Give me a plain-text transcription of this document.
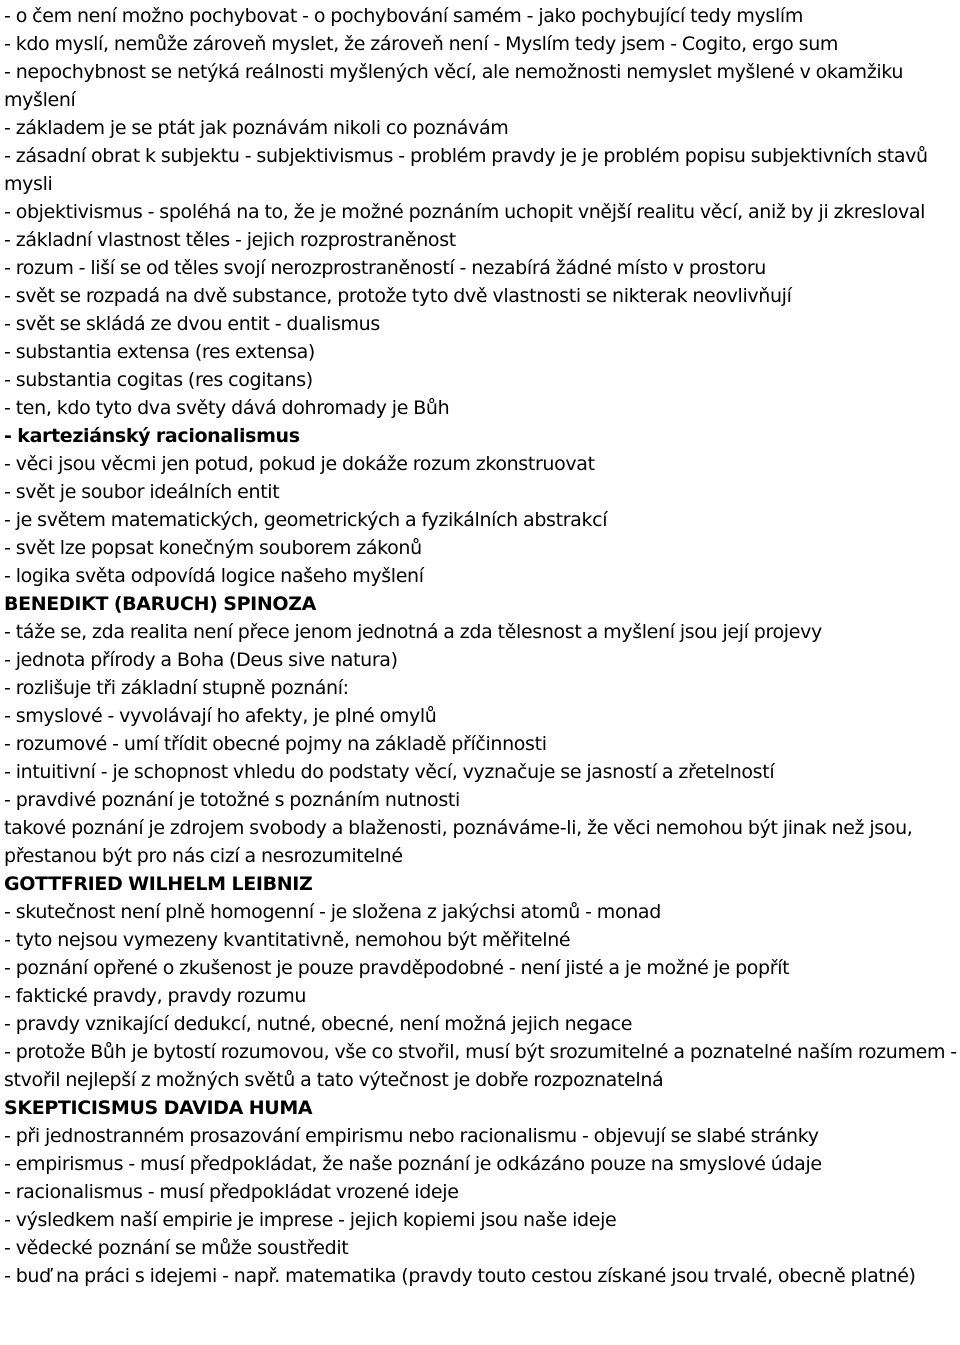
- o čem není možno pochybovat - o pochybování samém - jako pochybující tedy myslím

- kdo myslí, nemůže zároveň myslet, že zároveň není - Myslím tedy jsem - Cogito, ergo sum

- nepochybnost se netýká reálnosti myšlených věcí, ale nemožnosti nemyslet myšlené v okamžiku myšlení

- základem je se ptát jak poznávám nikoli co poznávám

- zásadní obrat k subjektu - subjektivismus - problém pravdy je je problém popisu subjektivních stavů mysli

- objektivismus - spoléhá na to, že je možné poznáním uchopit vnější realitu věcí, aniž by ji zkresloval

- základní vlastnost těles - jejich rozprostraněnost

- rozum - liší se od těles svojí nerozprostraněností - nezabírá žádné místo v prostoru

- svět se rozpadá na dvě substance, protože tyto dvě vlastnosti se nikterak neovlivňují

- svět se skládá ze dvou entit - dualismus

- substantia extensa (res extensa)

- substantia cogitas (res cogitans)

- ten, kdo tyto dva světy dává dohromady je Bůh

- karteziánský racionalismus

- věci jsou věcmi jen potud, pokud je dokáže rozum zkonstruovat

- svět je soubor ideálních entit

- je světem matematických, geometrických a fyzikálních abstrakcí

- svět lze popsat konečným souborem zákonů

- logika světa odpovídá logice našeho myšlení

BENEDIKT (BARUCH) SPINOZA

- táže se, zda realita není přece jenom jednotná a zda tělesnost a myšlení jsou její projevy

- jednota přírody a Boha (Deus sive natura)

- rozlišuje tři základní stupně poznání:

- smyslové - vyvolávají ho afekty, je plné omylů

- rozumové - umí třídit obecné pojmy na základě příčinnosti

- intuitivní - je schopnost vhledu do podstaty věcí, vyznačuje se jasností a zřetelností

- pravdivé poznání je totožné s poznáním nutnosti

takové poznání je zdrojem svobody a blaženosti, poznáváme-li, že věci nemohou být jinak než jsou, přestanou být pro nás cizí a nesrozumitelné

GOTTFRIED WILHELM LEIBNIZ

- skutečnost není plně homogenní - je složena z jakýchsi atomů - monad

- tyto nejsou vymezeny kvantitativně, nemohou být měřitelné

- poznání opřené o zkušenost je pouze pravděpodobné - není jisté a je možné je popřít

- faktické pravdy, pravdy rozumu

- pravdy vznikající dedukcí, nutné, obecné, není možná jejich negace

- protože Bůh je bytostí rozumovou, vše co stvořil, musí být srozumitelné a poznatelné naším rozumem - stvořil nejlepší z možných světů a tato výtečnost je dobře rozpoznatelná

SKEPTICISMUS DAVIDA HUMA

- při jednostranném prosazování empirismu nebo racionalismu - objevují se slabé stránky

- empirismus - musí předpokládat, že naše poznání je odkázáno pouze na smyslové údaje

- racionalismus - musí předpokládat vrozené ideje

- výsledkem naší empirie je imprese - jejich kopiemi jsou naše ideje

- vědecké poznání se může soustředit

- buď na práci s idejemi - např. matematika (pravdy touto cestou získané jsou trvalé, obecně platné)
